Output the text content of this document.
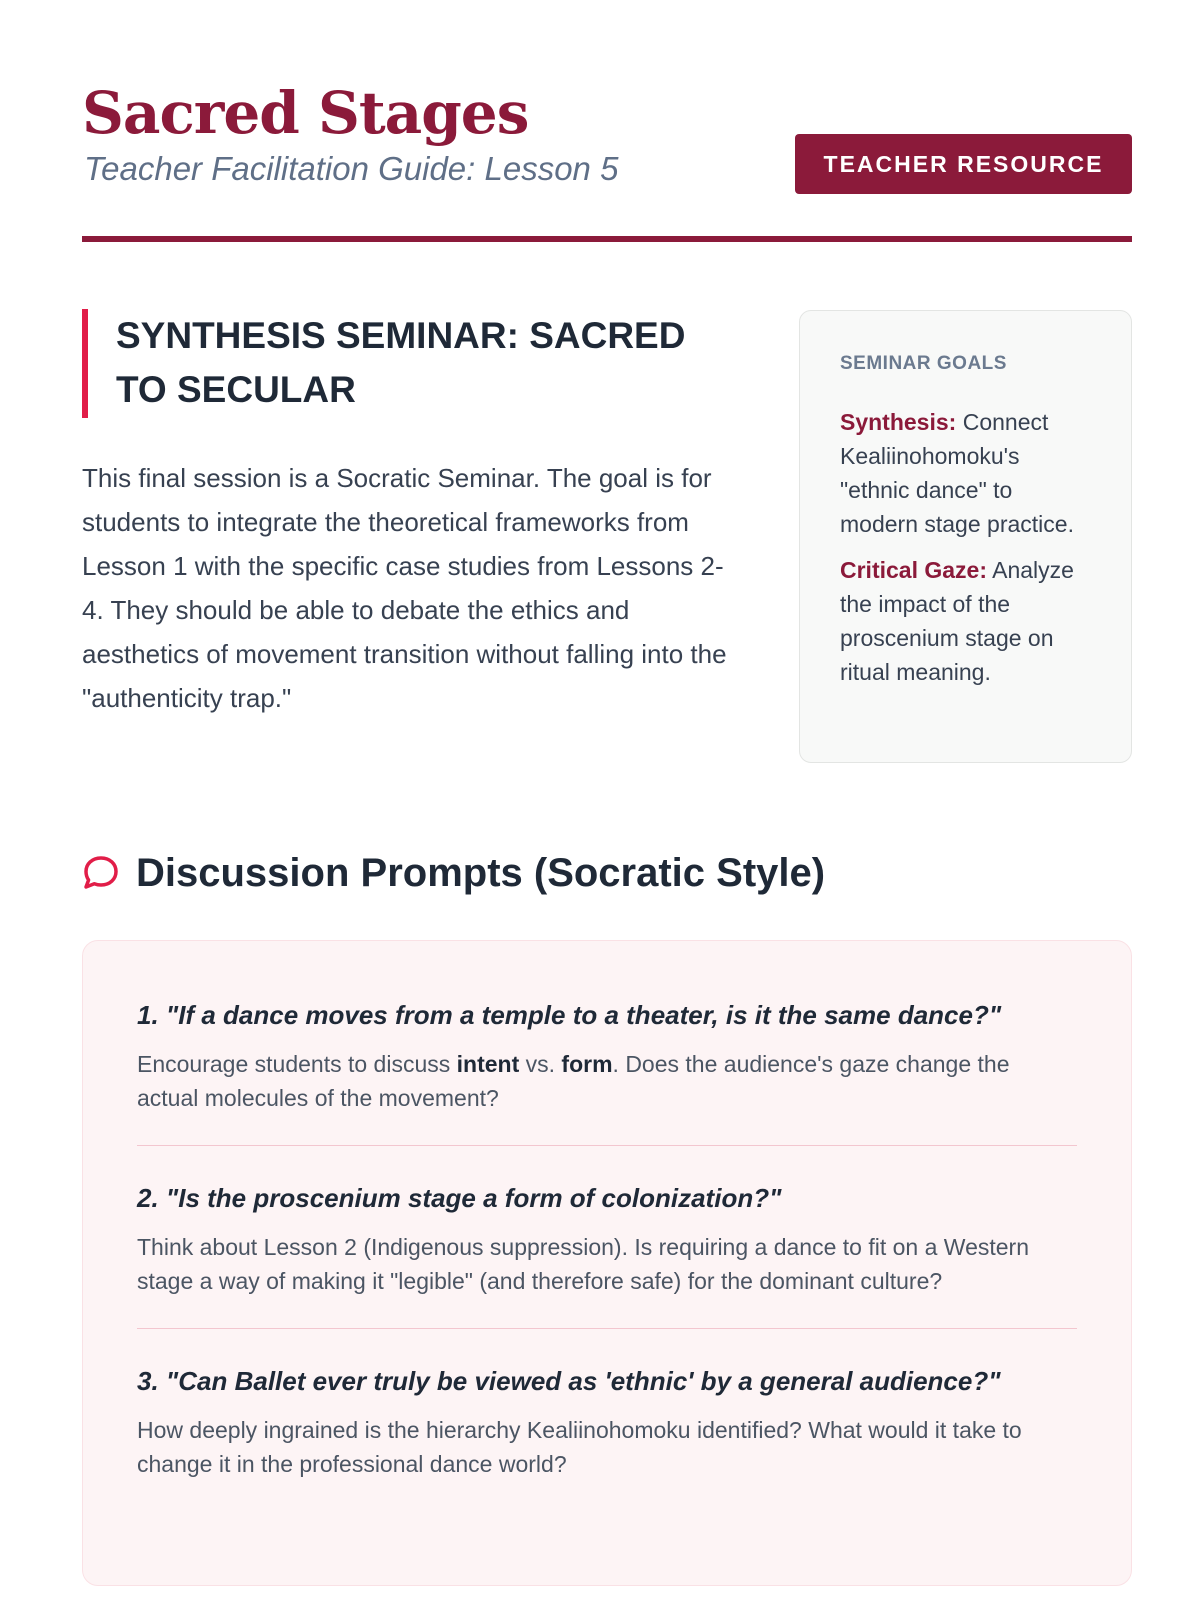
Sacred Stages

Teacher Facilitation Guide: Lesson 5	TEACHER RESOURCE
SYNTHESIS SEMINAR: SACRED TO SECULAR

This final session is a Socratic Seminar. The goal is for students to integrate the theoretical frameworks from Lesson 1 with the specific case studies from Lessons 2-4. They should be able to debate the ethics and aesthetics of movement transition without falling into the "authenticity trap."

SEMINAR GOALS

Synthesis: Connect Kealiinohomoku's "ethnic dance" to modern stage practice.

Critical Gaze: Analyze the impact of the proscenium stage on ritual meaning.

Discussion Prompts (Socratic Style)

1. "If a dance moves from a temple to a theater, is it the same dance?"

Encourage students to discuss intent vs. form. Does the audience's gaze change the actual molecules of the movement?

2. "Is the proscenium stage a form of colonization?"

Think about Lesson 2 (Indigenous suppression). Is requiring a dance to fit on a Western stage a way of making it "legible" (and therefore safe) for the dominant culture?

3. "Can Ballet ever truly be viewed as 'ethnic' by a general audience?"

How deeply ingrained is the hierarchy Kealiinohomoku identified? What would it take to change it in the professional dance world?
